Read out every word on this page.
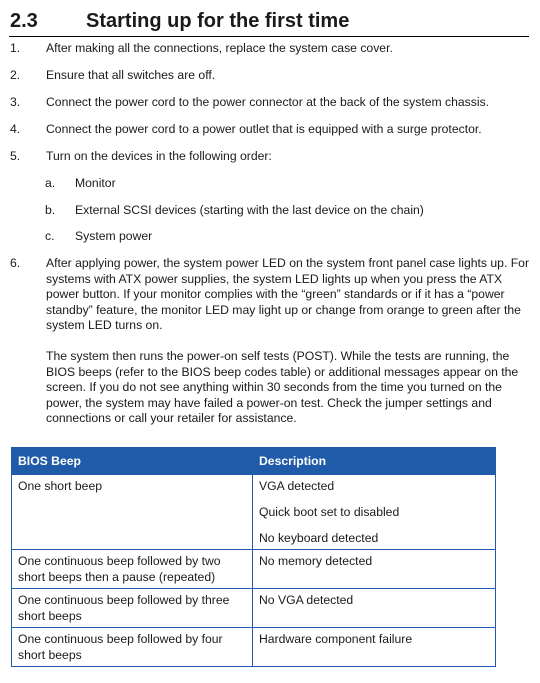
2.3 Starting up for the first time
1. After making all the connections, replace the system case cover.
2. Ensure that all switches are off.
3. Connect the power cord to the power connector at the back of the system chassis.
4. Connect the power cord to a power outlet that is equipped with a surge protector.
5. Turn on the devices in the following order:
a. Monitor
b. External SCSI devices (starting with the last device on the chain)
c. System power
6. After applying power, the system power LED on the system front panel case lights up. For systems with ATX power supplies, the system LED lights up when you press the ATX power button. If your monitor complies with the “green” standards or if it has a “power standby” feature, the monitor LED may light up or change from orange to green after the system LED turns on.
The system then runs the power-on self tests (POST). While the tests are running, the BIOS beeps (refer to the BIOS beep codes table) or additional messages appear on the screen. If you do not see anything within 30 seconds from the time you turned on the power, the system may have failed a power-on test. Check the jumper settings and connections or call your retailer for assistance.
BIOS Beep	Description
One short beep	VGA detected
Quick boot set to disabled
No keyboard detected

One continuous beep followed by two short beeps then a pause (repeated)	No memory detected
One continuous beep followed by three short beeps	No VGA detected
One continuous beep followed by four short beeps	Hardware component failure
